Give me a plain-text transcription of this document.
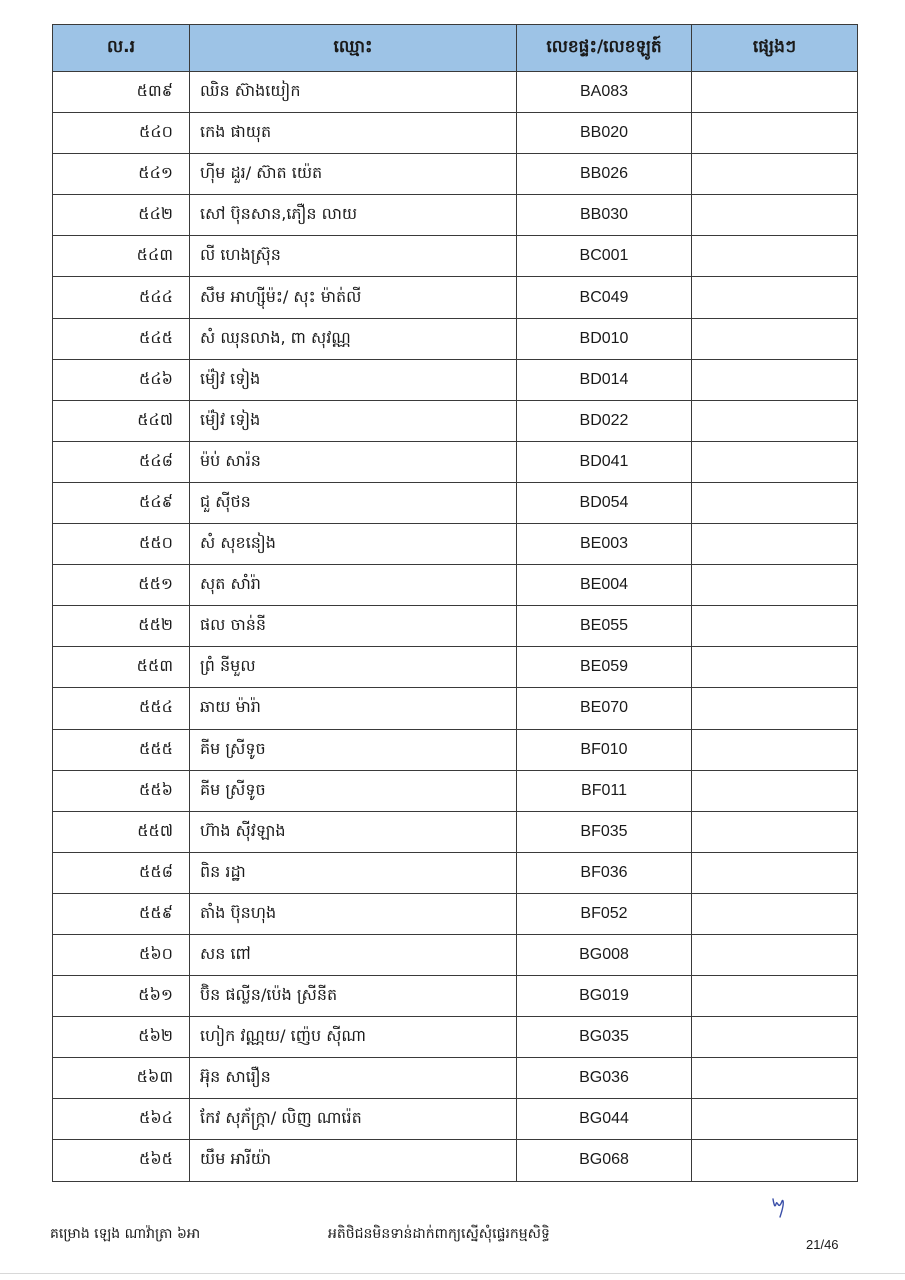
ល.រ	ឈ្មោះ	លេខផ្ទះ/លេខឡូត៍	ផ្សេងៗ
៥៣៩	ឈិន ស៊ាងយៀក	BA083	
៥៤០	កេង ផាយុត	BB020	
៥៤១	ហ៊ីម ដួរ/ ស៊ាត យ៉េត	BB026	
៥៤២	សៅ ប៊ុនសាន,ភឿន លាយ	BB030	
៥៤៣	លី ហេងស៊្រុន	BC001	
៥៤៤	សឹម អាហ្ស៊ីម៉ះ/ សុះ ម៉ាត់លី	BC049	
៥៤៥	សំ ឈុនលាង, ពា សុវណ្ណ	BD010	
៥៤៦	ម៉ៀវ ទៀង	BD014	
៥៤៧	ម៉ៀវ ទៀង	BD022	
៥៤៨	ម៉ប់ សារ៉ន	BD041	
៥៤៩	ជួ ស៊ីថន	BD054	
៥៥០	សំ សុខនៀង	BE003	
៥៥១	សុត សាំរ៉ា	BE004	
៥៥២	ផល ចាន់នី	BE055	
៥៥៣	ព្រំ នីមួល	BE059	
៥៥៤	ឆាយ ម៉ារ៉ា	BE070	
៥៥៥	គីម ស្រីទូច	BF010	
៥៥៦	គីម ស្រីទូច	BF011	
៥៥៧	ហ៊ាង ស៊ីវឡាង	BF035	
៥៥៨	ពិន រដ្ឋា	BF036	
៥៥៩	តាំង ប៊ុនហុង	BF052	
៥៦០	សន ពៅ	BG008	
៥៦១	ប៊ិន ផល្លីន/ប៉េង ស្រីនីត	BG019	
៥៦២	ហៀក វណ្ណយ/ ញ៉េប ស៊ីណា	BG035	
៥៦៣	អ៊ុន សារឿន	BG036	
៥៦៤	កែវ សុភ័ក្រ្កា/ លិញ ណារ៉េត	BG044	
៥៦៥	យឹម អារីយ៉ា	BG068	
គម្រោង ឡេង ណាវ៉ាត្រា ៦អា	អតិថិជនមិនទាន់ដាក់ពាក្យស្នើសុំផ្ទេរកម្មសិទ្ធិ
21/46
